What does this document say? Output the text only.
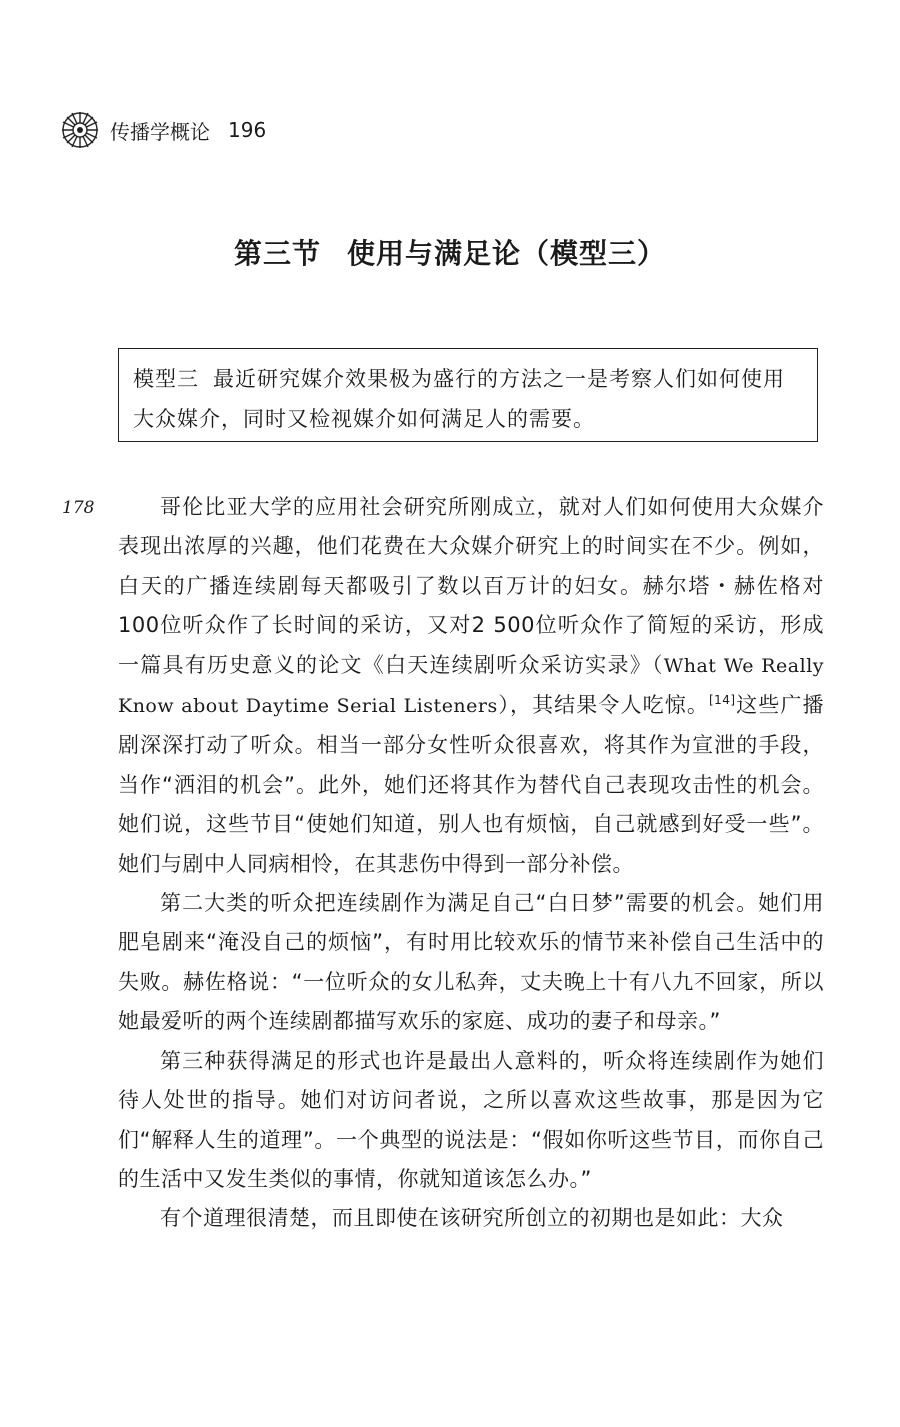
传播学概论 196
第三节 使用与满足论（模型三）
模型三 最近研究媒介效果极为盛行的方法之一是考察人们如何使用大众媒介，同时又检视媒介如何满足人的需要。
178	哥伦比亚大学的应用社会研究所刚成立，就对人们如何使用大众媒介表现出浓厚的兴趣，他们花费在大众媒介研究上的时间实在不少。例如，白天的广播连续剧每天都吸引了数以百万计的妇女。赫尔塔・赫佐格对100位听众作了长时间的采访，又对2 500位听众作了简短的采访，形成一篇具有历史意义的论文《白天连续剧听众采访实录》（What We Really Know about Daytime Serial Listeners），其结果令人吃惊。[14]这些广播剧深深打动了听众。相当一部分女性听众很喜欢，将其作为宣泄的手段，当作“洒泪的机会”。此外，她们还将其作为替代自己表现攻击性的机会。她们说，这些节目“使她们知道，别人也有烦恼，自己就感到好受一些”。她们与剧中人同病相怜，在其悲伤中得到一部分补偿。

第二大类的听众把连续剧作为满足自己“白日梦”需要的机会。她们用肥皂剧来“淹没自己的烦恼”，有时用比较欢乐的情节来补偿自己生活中的失败。赫佐格说：“一位听众的女儿私奔，丈夫晚上十有八九不回家，所以她最爱听的两个连续剧都描写欢乐的家庭、成功的妻子和母亲。”

第三种获得满足的形式也许是最出人意料的，听众将连续剧作为她们待人处世的指导。她们对访问者说，之所以喜欢这些故事，那是因为它们“解释人生的道理”。一个典型的说法是：“假如你听这些节目，而你自己的生活中又发生类似的事情，你就知道该怎么办。”

有个道理很清楚，而且即使在该研究所创立的初期也是如此：大众
